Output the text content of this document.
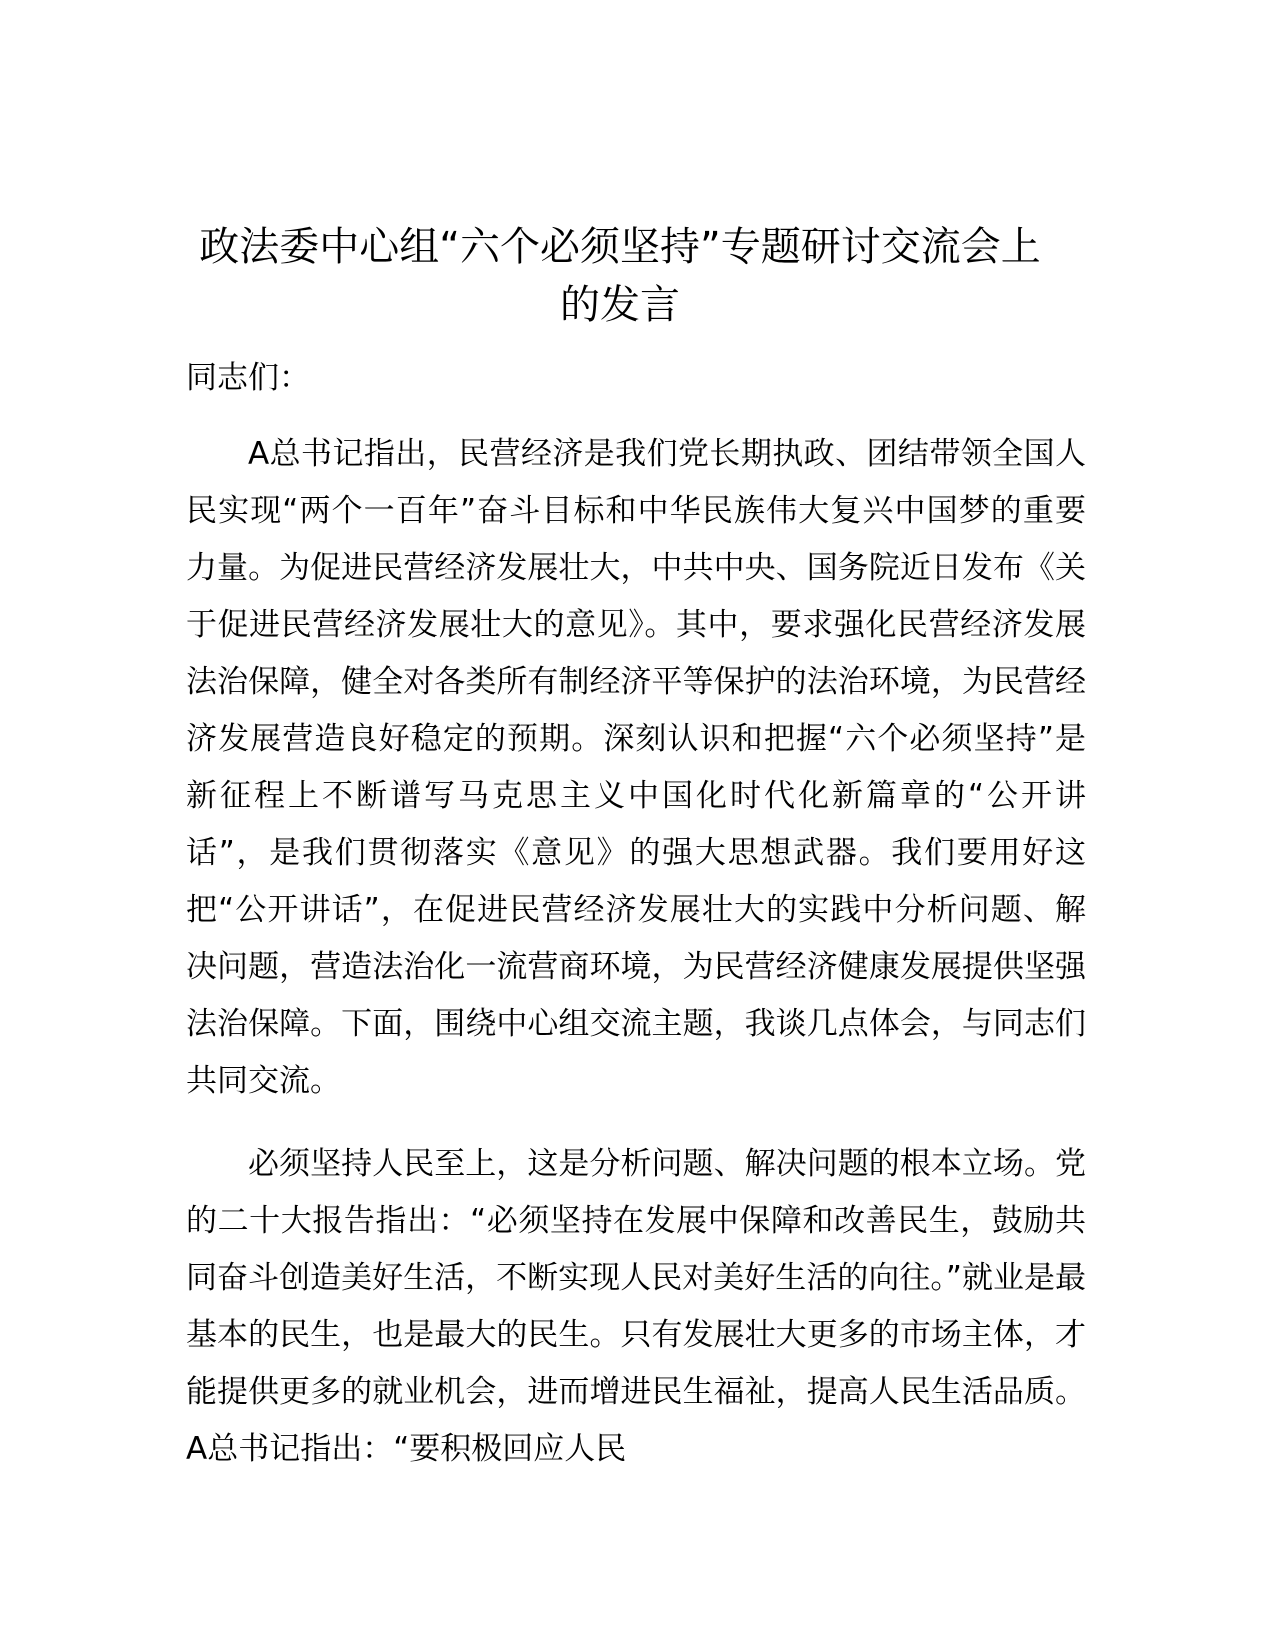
政法委中心组“六个必须坚持”专题研讨交流会上的发言

同志们：

A总书记指出，民营经济是我们党长期执政、团结带领全国人民实现“两个一百年”奋斗目标和中华民族伟大复兴中国梦的重要力量。为促进民营经济发展壮大，中共中央、国务院近日发布《关于促进民营经济发展壮大的意见》。其中，要求强化民营经济发展法治保障，健全对各类所有制经济平等保护的法治环境，为民营经济发展营造良好稳定的预期。深刻认识和把握“六个必须坚持”是新征程上不断谱写马克思主义中国化时代化新篇章的“公开讲话”，是我们贯彻落实《意见》的强大思想武器。我们要用好这把“公开讲话”，在促进民营经济发展壮大的实践中分析问题、解决问题，营造法治化一流营商环境，为民营经济健康发展提供坚强法治保障。下面，围绕中心组交流主题，我谈几点体会，与同志们共同交流。

必须坚持人民至上，这是分析问题、解决问题的根本立场。党的二十大报告指出：“必须坚持在发展中保障和改善民生，鼓励共同奋斗创造美好生活，不断实现人民对美好生活的向往。”就业是最基本的民生，也是最大的民生。只有发展壮大更多的市场主体，才能提供更多的就业机会，进而增进民生福祉，提高人民生活品质。A总书记指出：“要积极回应人民
